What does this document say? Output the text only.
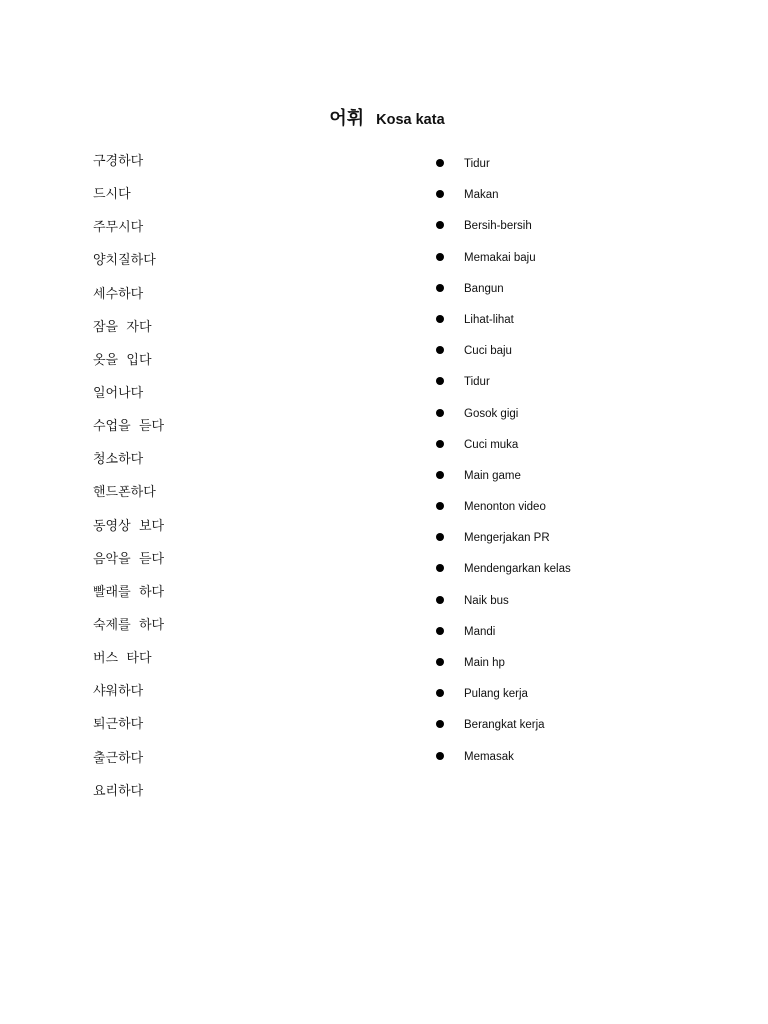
어휘 Kosa kata
구경하다
드시다
주무시다
양치질하다
세수하다
잠을  자다
옷을  입다
일어나다
수업을  듣다
청소하다
핸드폰하다
동영상  보다
음악을  듣다
빨래를  하다
숙제를  하다
버스  타다
샤워하다
퇴근하다
출근하다
요리하다
Tidur
Makan
Bersih-bersih
Memakai baju
Bangun
Lihat-lihat
Cuci baju
Tidur
Gosok gigi
Cuci muka
Main game
Menonton video
Mengerjakan PR
Mendengarkan kelas
Naik bus
Mandi
Main hp
Pulang kerja
Berangkat kerja
Memasak
